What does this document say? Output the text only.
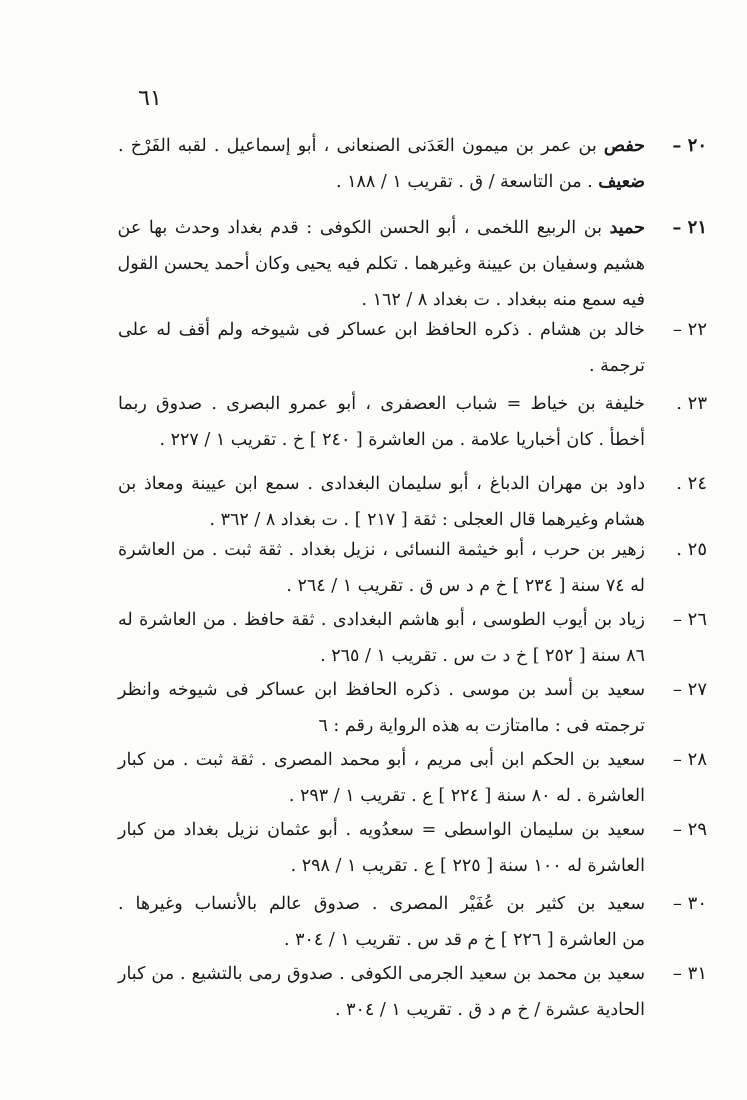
٦١
٢٠ –
حفص بن عمر بن ميمون العَدَنى الصنعانى ، أبو إسماعيل . لقبه الفَرْخ .
ضعيف . من التاسعة / ق . تقريب ١ / ١٨٨ .
٢١ –
حميد بن الربيع اللخمى ، أبو الحسن الكوفى : قدم بغداد وحدث بها عن
هشيم وسفيان بن عيينة وغيرهما . تكلم فيه يحيى وكان أحمد يحسن القول
فيه سمع منه ببغداد . ت بغداد ٨ / ١٦٢ .
٢٢ –
خالد بن هشام . ذكره الحافظ ابن عساكر فى شيوخه ولم أقف له على
ترجمة .
٢٣ .
خليفة بن خياط = شباب العصفرى ، أبو عمرو البصرى . صدوق ربما
أخطأ . كان أخباريا علامة . من العاشرة [ ٢٤٠ ] خ . تقريب ١ / ٢٢٧ .
٢٤ .
داود بن مهران الدباغ ، أبو سليمان البغدادى . سمع ابن عيينة ومعاذ بن
هشام وغيرهما قال العجلى : ثقة [ ٢١٧ ] . ت بغداد ٨ / ٣٦٢ .
٢٥ .
زهير بن حرب ، أبو خيثمة النسائى ، نزيل بغداد . ثقة ثبت . من العاشرة
له ٧٤ سنة [ ٢٣٤ ] خ م د س ق . تقريب ١ / ٢٦٤ .
٢٦ –
زياد بن أيوب الطوسى ، أبو هاشم البغدادى . ثقة حافظ . من العاشرة له
٨٦ سنة [ ٢٥٢ ] خ د ت س . تقريب ١ / ٢٦٥ .
٢٧ –
سعيد بن أسد بن موسى . ذكره الحافظ ابن عساكر فى شيوخه وانظر
ترجمته فى : ماامتازت به هذه الرواية رقم : ٦
٢٨ –
سعيد بن الحكم ابن أبى مريم ، أبو محمد المصرى . ثقة ثبت . من كبار
العاشرة . له ٨٠ سنة [ ٢٢٤ ] ع . تقريب ١ / ٢٩٣ .
٢٩ –
سعيد بن سليمان الواسطى = سعدُويه . أبو عثمان نزيل بغداد من كبار
العاشرة له ١٠٠ سنة [ ٢٢٥ ] ع . تقريب ١ / ٢٩٨ .
٣٠ –
سعيد بن كثير بن عُفَيْر المصرى . صدوق عالم بالأنساب وغيرها .
من العاشرة [ ٢٢٦ ] خ م قد س . تقريب ١ / ٣٠٤ .
٣١ –
سعيد بن محمد بن سعيد الجرمى الكوفى . صدوق رمى بالتشيع . من كبار
الحادية عشرة / خ م د ق . تقريب ١ / ٣٠٤ .
